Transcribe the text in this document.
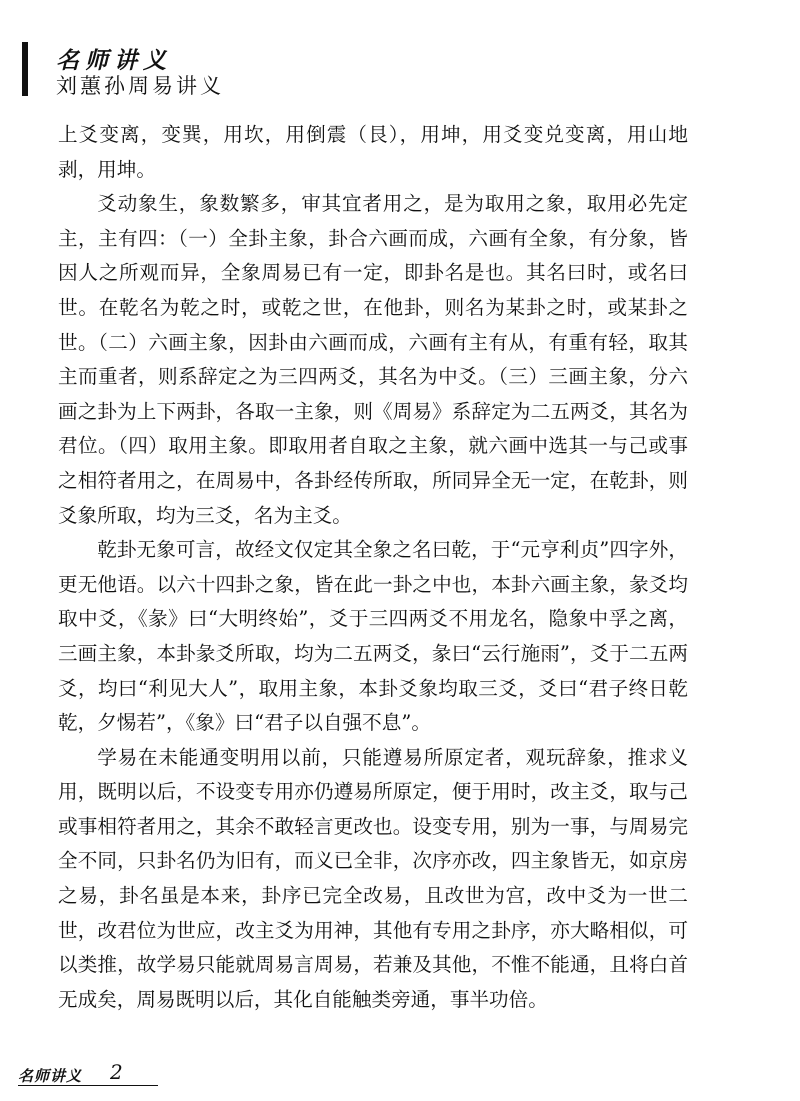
名师讲义
刘蕙孙周易讲义

上爻变离，变巽，用坎，用倒震（艮），用坤，用爻变兑变离，用山地剥，用坤。

爻动象生，象数繁多，审其宜者用之，是为取用之象，取用必先定主，主有四：（一）全卦主象，卦合六画而成，六画有全象，有分象，皆因人之所观而异，全象周易已有一定，即卦名是也。其名曰时，或名曰世。在乾名为乾之时，或乾之世，在他卦，则名为某卦之时，或某卦之世。（二）六画主象，因卦由六画而成，六画有主有从，有重有轻，取其主而重者，则系辞定之为三四两爻，其名为中爻。（三）三画主象，分六画之卦为上下两卦，各取一主象，则《周易》系辞定为二五两爻，其名为君位。（四）取用主象。即取用者自取之主象，就六画中选其一与己或事之相符者用之，在周易中，各卦经传所取，所同异全无一定，在乾卦，则爻象所取，均为三爻，名为主爻。

乾卦无象可言，故经文仅定其全象之名曰乾，于“元亨利贞”四字外，更无他语。以六十四卦之象，皆在此一卦之中也，本卦六画主象，彖爻均取中爻，《彖》曰“大明终始”，爻于三四两爻不用龙名，隐象中孚之离，三画主象，本卦彖爻所取，均为二五两爻，彖曰“云行施雨”，爻于二五两爻，均曰“利见大人”，取用主象，本卦爻象均取三爻，爻曰“君子终日乾乾，夕惕若”，《象》曰“君子以自强不息”。

学易在未能通变明用以前，只能遵易所原定者，观玩辞象，推求义用，既明以后，不设变专用亦仍遵易所原定，便于用时，改主爻，取与己或事相符者用之，其余不敢轻言更改也。设变专用，别为一事，与周易完全不同，只卦名仍为旧有，而义已全非，次序亦改，四主象皆无，如京房之易，卦名虽是本来，卦序已完全改易，且改世为宫，改中爻为一世二世，改君位为世应，改主爻为用神，其他有专用之卦序，亦大略相似，可以类推，故学易只能就周易言周易，若兼及其他，不惟不能通，且将白首无成矣，周易既明以后，其化自能触类旁通，事半功倍。

名师讲义 2
